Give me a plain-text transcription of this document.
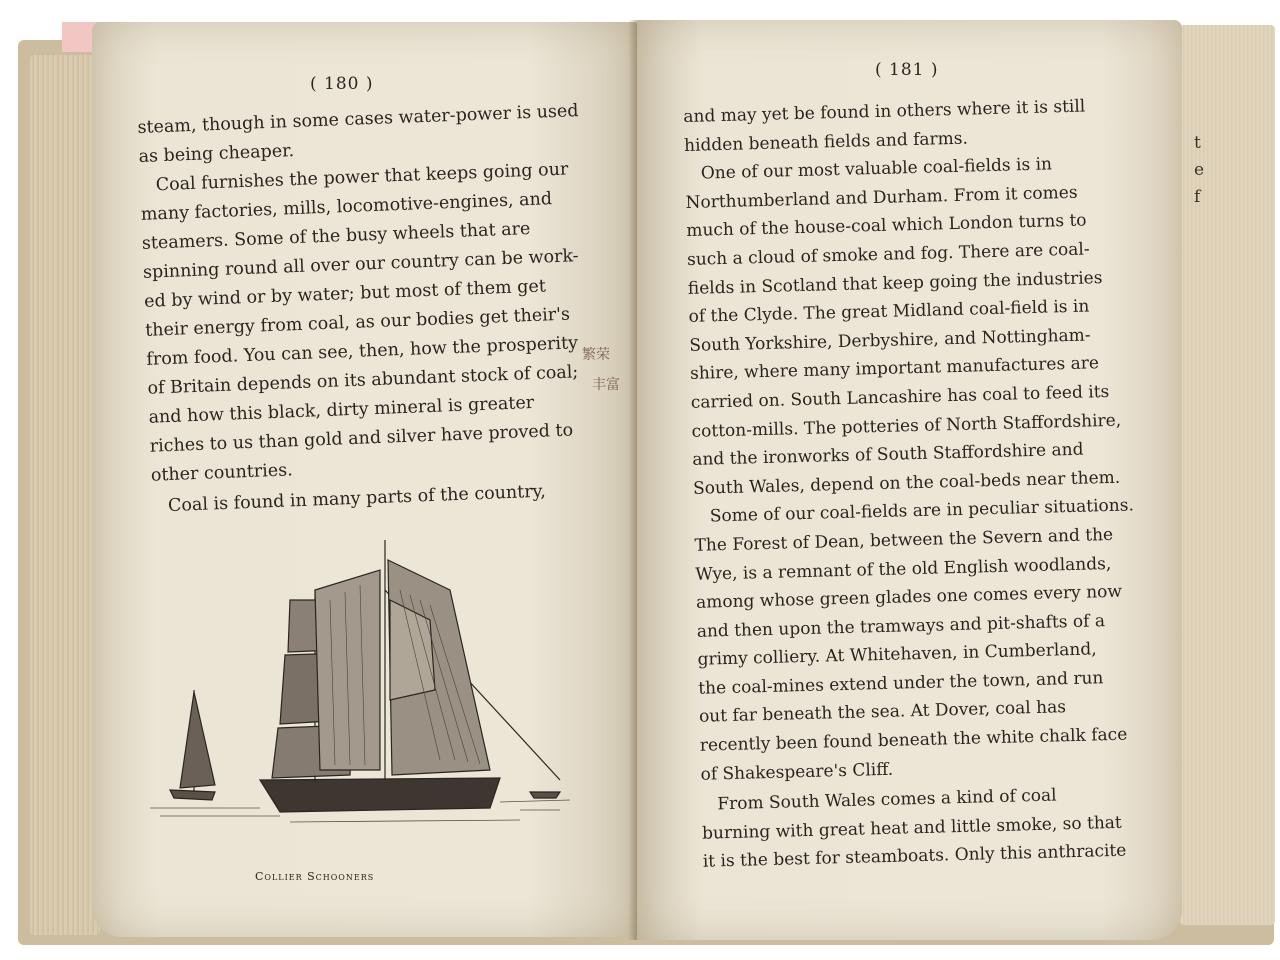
t
e
f
( 180 )
steam, though in some cases water-power is used
as being cheaper.
Coal furnishes the power that keeps going our
many factories, mills, locomotive-engines, and
steamers. Some of the busy wheels that are
spinning round all over our country can be work-
ed by wind or by water; but most of them get
their energy from coal, as our bodies get their's
from food. You can see, then, how the prosperity
of Britain depends on its abundant stock of coal;
and how this black, dirty mineral is greater
riches to us than gold and silver have proved to
other countries.
Coal is found in many parts of the country,
繁荣
丰富
Collier Schooners
( 181 )
and may yet be found in others where it is still
hidden beneath fields and farms.
One of our most valuable coal-fields is in
Northumberland and Durham. From it comes
much of the house-coal which London turns to
such a cloud of smoke and fog. There are coal-
fields in Scotland that keep going the industries
of the Clyde. The great Midland coal-field is in
South Yorkshire, Derbyshire, and Nottingham-
shire, where many important manufactures are
carried on. South Lancashire has coal to feed its
cotton-mills. The potteries of North Staffordshire,
and the ironworks of South Staffordshire and
South Wales, depend on the coal-beds near them.
Some of our coal-fields are in peculiar situations.
The Forest of Dean, between the Severn and the
Wye, is a remnant of the old English woodlands,
among whose green glades one comes every now
and then upon the tramways and pit-shafts of a
grimy colliery. At Whitehaven, in Cumberland,
the coal-mines extend under the town, and run
out far beneath the sea. At Dover, coal has
recently been found beneath the white chalk face
of Shakespeare's Cliff.
From South Wales comes a kind of coal
burning with great heat and little smoke, so that
it is the best for steamboats. Only this anthracite
